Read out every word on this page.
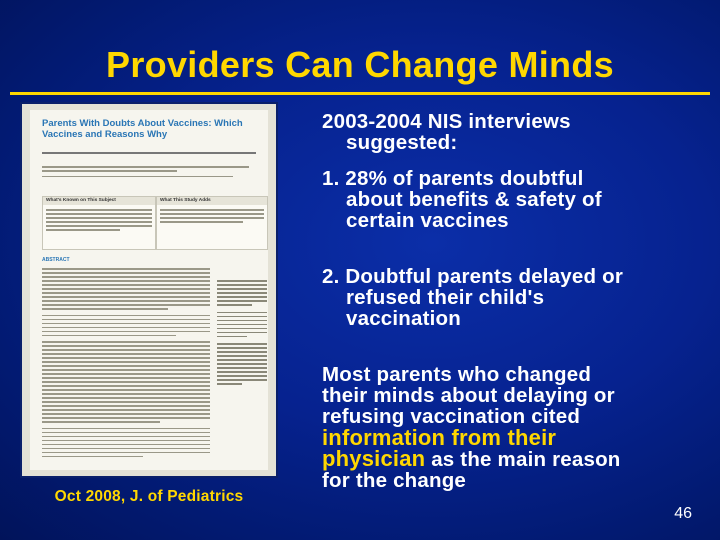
Providers Can Change Minds
Parents With Doubts About Vaccines: Which Vaccines and Reasons Why
What's Known on This Subject	What This Study Adds
ABSTRACT
Oct 2008, J. of Pediatrics
2003-2004 NIS interviews
suggested:
1. 28% of parents doubtful
about benefits & safety of
certain vaccines
2. Doubtful parents delayed or
refused their child's
vaccination
Most parents who changed
their minds about delaying or
refusing vaccination cited
information from their
physician as the main reason
for the change
46
